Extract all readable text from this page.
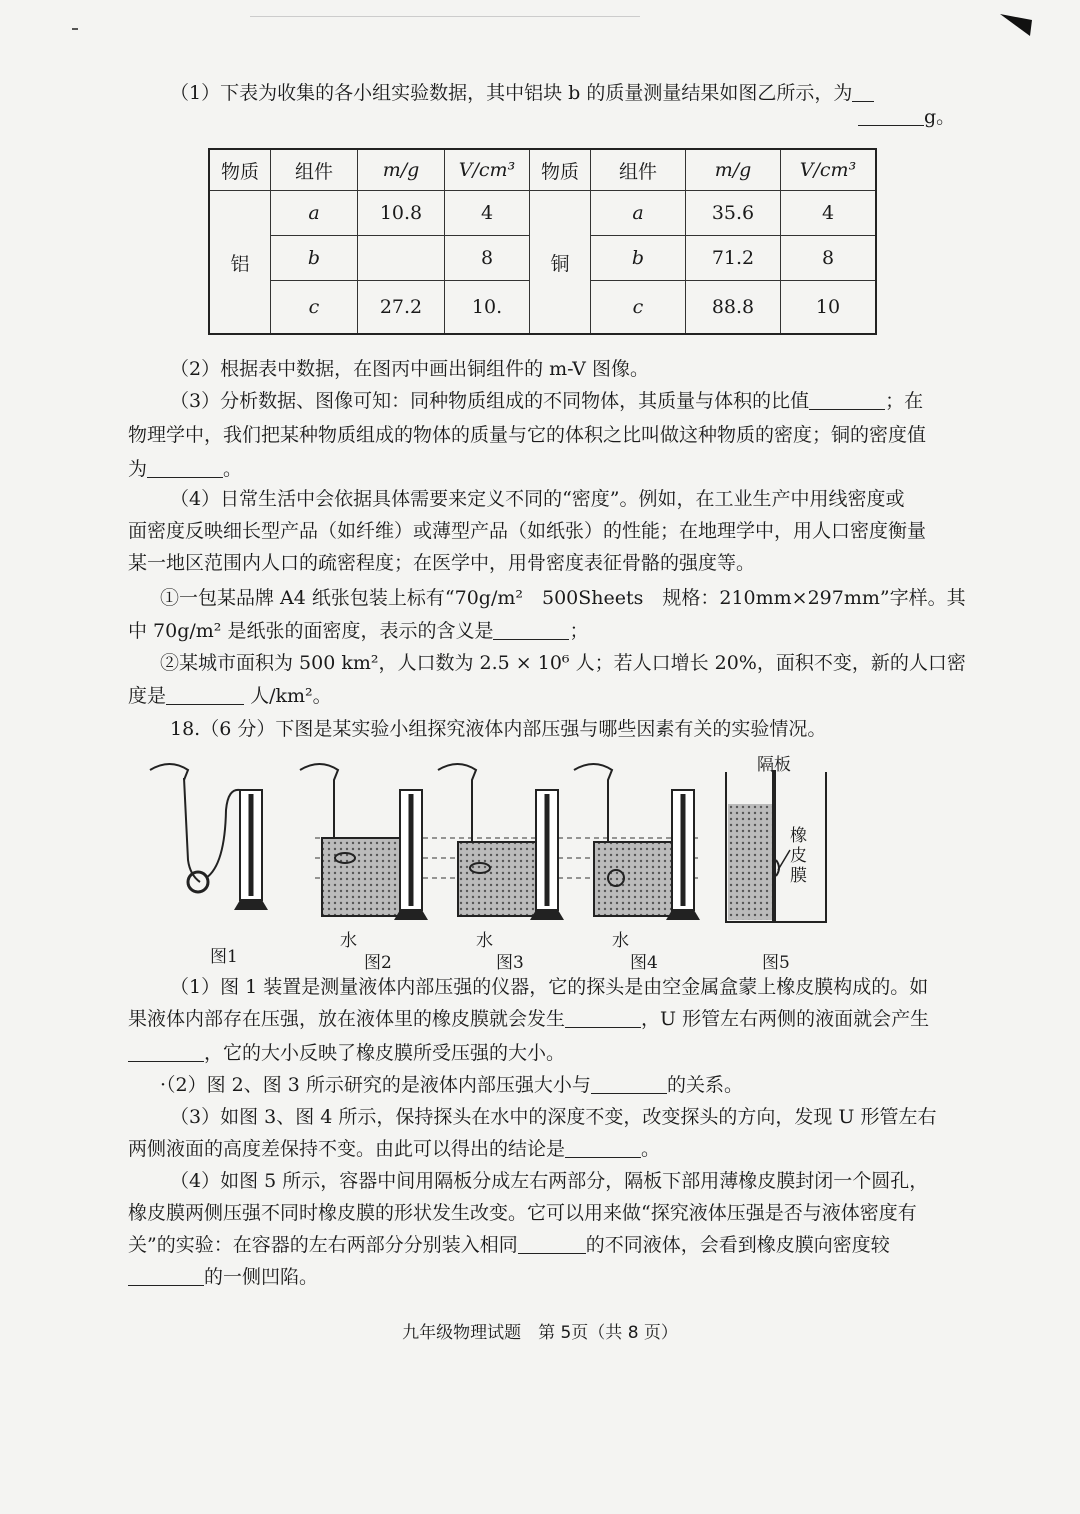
（1）下表为收集的各小组实验数据，其中铝块 b 的质量测量结果如图乙所示，为
g。
物质	组件	m/g	V/cm³	物质	组件	m/g	V/cm³
铝	a	10.8	4	铜	a	35.6	4
	b		8		b	71.2	8
	c	27.2	10.		c	88.8	10
（2）根据表中数据，在图丙中画出铜组件的 m-V 图像。
（3）分析数据、图像可知：同种物质组成的不同物体，其质量与体积的比值	；在
物理学中，我们把某种物质组成的物体的质量与它的体积之比叫做这种物质的密度；铜的密度值
为	。
（4）日常生活中会依据具体需要来定义不同的“密度”。例如，在工业生产中用线密度或
面密度反映细长型产品（如纤维）或薄型产品（如纸张）的性能；在地理学中，用人口密度衡量
某一地区范围内人口的疏密程度；在医学中，用骨密度表征骨骼的强度等。
①一包某品牌 A4 纸张包装上标有“70g/m²　500Sheets　规格：210mm×297mm”字样。其
中 70g/m² 是纸张的面密度，表示的含义是	；
②某城市面积为 500 km²，人口数为 2.5 × 10⁶ 人；若人口增长 20%，面积不变，新的人口密
度是	人/km²。
18.（6 分）下图是某实验小组探究液体内部压强与哪些因素有关的实验情况。
图1
水
图2
水
图3
水
图4	图5
隔板
橡皮膜
（1）图 1 装置是测量液体内部压强的仪器，它的探头是由空金属盒蒙上橡皮膜构成的。如
果液体内部存在压强，放在液体里的橡皮膜就会发生	，U 形管左右两侧的液面就会产生
，它的大小反映了橡皮膜所受压强的大小。
·（2）图 2、图 3 所示研究的是液体内部压强大小与	的关系。
（3）如图 3、图 4 所示，保持探头在水中的深度不变，改变探头的方向，发现 U 形管左右
两侧液面的高度差保持不变。由此可以得出的结论是	。
（4）如图 5 所示，容器中间用隔板分成左右两部分，隔板下部用薄橡皮膜封闭一个圆孔，
橡皮膜两侧压强不同时橡皮膜的形状发生改变。它可以用来做“探究液体压强是否与液体密度有
关”的实验：在容器的左右两部分分别装入相同	的不同液体，会看到橡皮膜向密度较
的一侧凹陷。
九年级物理试题　第 5页（共 8 页）
